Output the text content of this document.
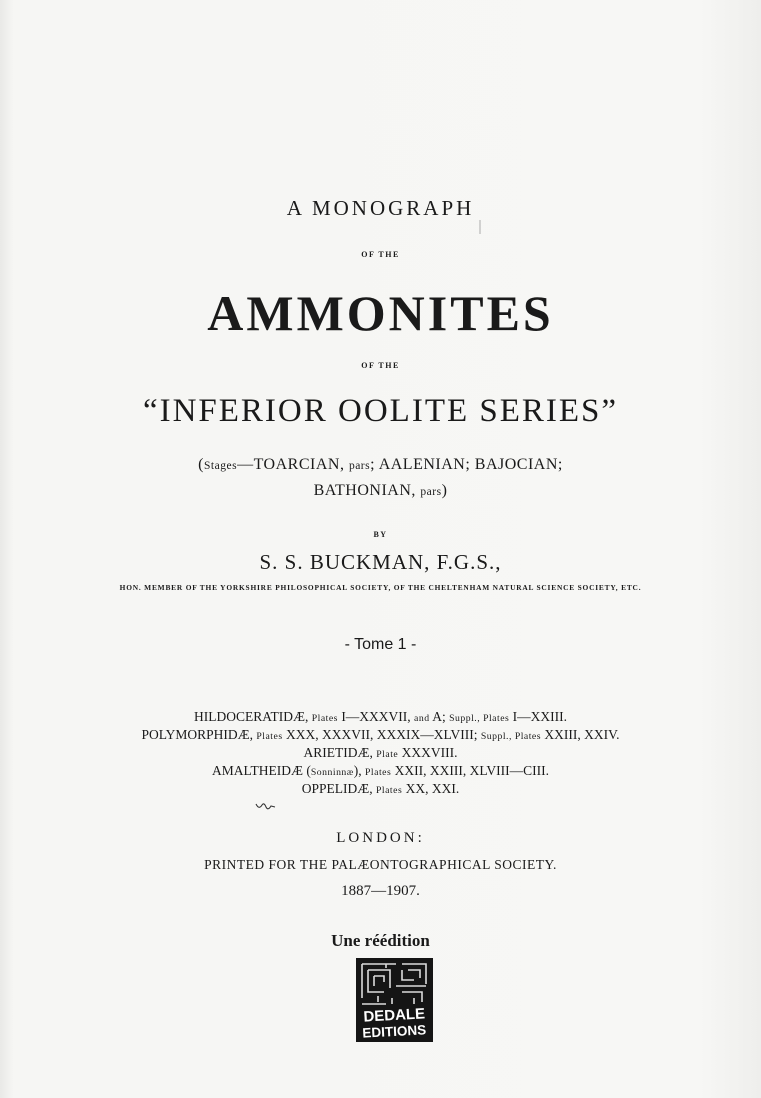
A MONOGRAPH
OF THE
AMMONITES
OF THE
“INFERIOR OOLITE SERIES”
(Stages—TOARCIAN, pars; AALENIAN; BAJOCIAN;
BATHONIAN, pars)
BY
S. S. BUCKMAN, F.G.S.,
HON. MEMBER OF THE YORKSHIRE PHILOSOPHICAL SOCIETY, OF THE CHELTENHAM NATURAL SCIENCE SOCIETY, ETC.
- Tome 1 -
HILDOCERATIDÆ, Plates I—XXXVII, and A; Suppl., Plates I—XXIII.
POLYMORPHIDÆ, Plates XXX, XXXVII, XXXIX—XLVIII; Suppl., Plates XXIII, XXIV.
ARIETIDÆ, Plate XXXVIII.
AMALTHEIDÆ (Sonninnæ), Plates XXII, XXIII, XLVIII—CIII.
OPPELIDÆ, Plates XX, XXI.
LONDON:
PRINTED FOR THE PALÆONTOGRAPHICAL SOCIETY.
1887—1907.
Une réédition
DEDALE
EDITIONS
